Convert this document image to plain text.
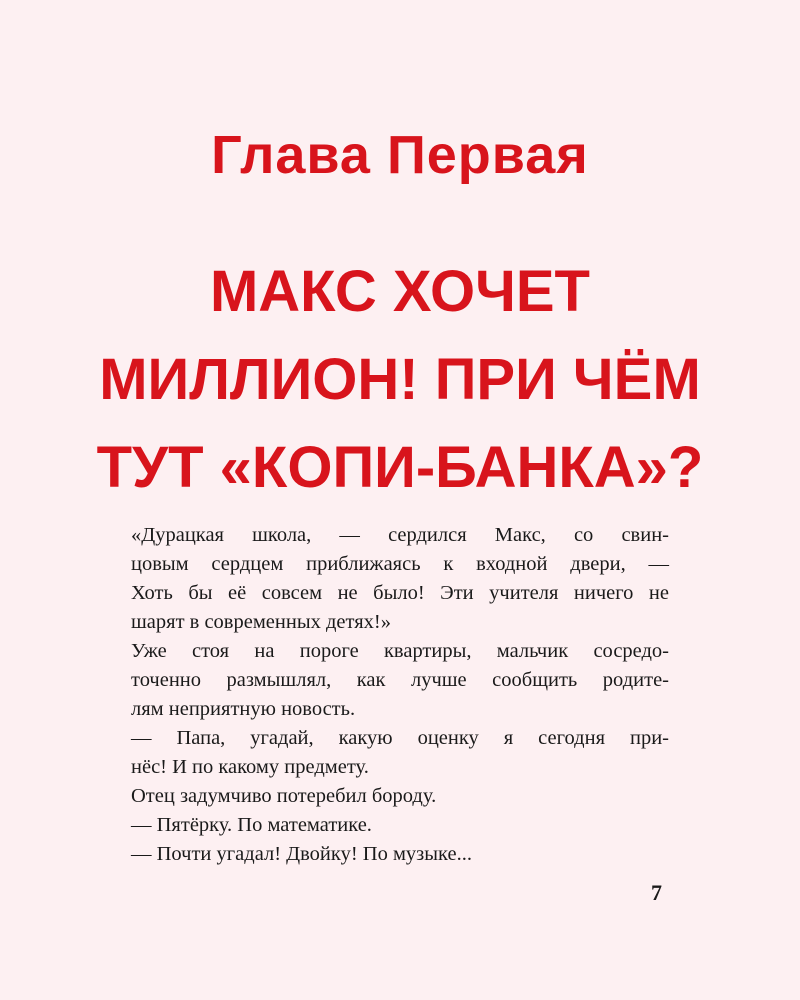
Глава Первая
МАКС ХОЧЕТ
МИЛЛИОН! ПРИ ЧЁМ
ТУТ «КОПИ-БАНКА»?

«Дурацкая школа, — сердился Макс, со свин-
цовым сердцем приближаясь к входной двери, —
Хоть бы её совсем не было! Эти учителя ничего не
шарят в современных детях!»

Уже стоя на пороге квартиры, мальчик сосредо-
точенно размышлял, как лучше сообщить родите-
лям неприятную новость.

— Папа, угадай, какую оценку я сегодня при-
нёс! И по какому предмету.

Отец задумчиво потеребил бороду.

— Пятёрку. По математике.

— Почти угадал! Двойку! По музыке...

7
